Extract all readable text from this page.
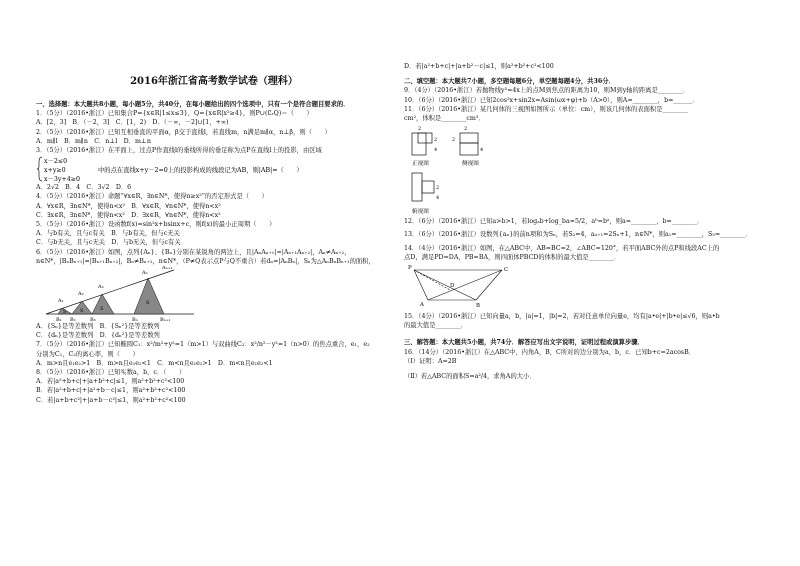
2016年浙江省高考数学试卷（理科）
一、选择题：本大题共8小题，每小题5分，共40分，在每小题给出的四个选项中，只有一个是符合题目要求的．
1．（5分）（2016•浙江）已知集合P={x∈R|1≤x≤3}，Q={x∈R|x²≥4}，则P∪(∁ᵣQ)＝（　　）
A．[2，3]　B．（－2，3]　C．[1，2)　D．（－∞，－2]∪[1，+∞)
2．（5分）（2016•浙江）已知互相垂直的平面α，β交于直线l，若直线m，n满足m∥α，n⊥β，则（　　）
A．m∥l　B．m∥n　C．n⊥l　D．m⊥n
3．（5分）（2016•浙江）在平面上，过点P作直线l的垂线所得的垂足称为点P在直线l上的投影，由区域
x－2≤0
x+y≥0
x－3y+4≥0
中的点在直线x+y－2=0上的投影构成的线段记为AB，则|AB|=（　　）
A．2√2　B．4　C．3√2　D．6
4．（5分）（2016•浙江）命题“∀x∈R，∃n∈N*，使得n≥x²”的否定形式是（　　）
A．∀x∈R，∃n∈N*，使得n<x²　B．∀x∈R，∀n∈N*，使得n<x²
C．∃x∈R，∃n∈N*，使得n<x²　D．∃x∈R，∀n∈N*，使得n<x²
5．（5分）（2016•浙江）设函数f(x)=sin²x+bsinx+c，则f(x)的最小正周期（　　）
A．与b有关，且与c有关　B．与b有关，但与c无关
C．与b无关，且与c无关　D．与b无关，但与c有关
6．（5分）（2016•浙江）如图，点列{Aₙ}、{Bₙ}分别在某锐角的两边上，且|AₙAₙ₊₁|=|Aₙ₊₁Aₙ₊₂|，Aₙ≠Aₙ₊₂，
n∈N*，|BₙBₙ₊₁|=|Bₙ₊₁Bₙ₊₂|，Bₙ≠Bₙ₊₂，n∈N*，（P≠Q表示点P与Q不重合）若dₙ=|AₙBₙ|，Sₙ为△AₙBₙBₙ₊₁的面积，
A₁
A₂
A₃
Aₙ
Aₙ₊₁
B₁ B₂	B₃	Bₙ	Bₙ₊₁
S	S	S
S
A．{Sₙ}是等差数列　B．{Sₙ²}是等差数列
C．{dₙ}是等差数列　D．{dₙ²}是等差数列
7．（5分）（2016•浙江）已知椭圆C₁：x²/m²+y²=1（m>1）与双曲线C₂：x²/n²－y²=1（n>0）的焦点重合，e₁，e₂
分别为C₁，C₂的离心率，则（　　）
A．m>n且e₁e₂>1　B．m>n且e₁e₂<1　C．m<n且e₁e₂>1　D．m<n且e₁e₂<1
8．（5分）（2016•浙江）已知实数a，b，c．（　　）
A．若|a²+b+c|+|a+b²+c|≤1，则a²+b²+c²<100
B．若|a²+b+c|+|a²+b－c|≤1，则a²+b²+c²<100
C．若|a+b+c²|+|a+b－c²|≤1，则a²+b²+c²<100
D．若|a²+b+c|+|a+b²－c|≤1，则a²+b²+c²<100
二、填空题：本大题共7小题，多空题每题6分，单空题每题4分，共36分．
9．（4分）（2016•浙江）若抛物线y²=4x上的点M到焦点的距离为10，则M到y轴的距离是________．
10．（6分）（2016•浙江）已知2cos²x+sin2x=Asin(ωx+φ)+b（A>0），则A=________，b=______．
11．（6分）（2016•浙江）某几何体的三视图如图所示（单位：cm），则该几何体的表面积是________
cm²，体积是________cm³．
2
2
4
正视图
2
2
4
侧视图
2
4
俯视图
12．（6分）（2016•浙江）已知a>b>1，若logₐb+log_ba=5/2，aᵇ=bᵃ，则a=________，b=________．
13．（6分）（2016•浙江）设数列{aₙ}的前n项和为Sₙ，若S₂=4，aₙ₊₁=2Sₙ+1，n∈N*，则a₁=________，S₅=________．
14．（4分）（2016•浙江）如图，在△ABC中，AB=BC=2，∠ABC=120°，若平面ABC外的点P和线段AC上的
点D，满足PD=DA，PB=BA，则四面体PBCD的体积的最大值是________．
A	B
C
D
P
15．（4分）（2016•浙江）已知向量a，b，|a|=1，|b|=2，若对任意单位向量e，均有|a•e|+|b•e|≤√6，则a•b
的最大值是________．
三、解答题：本大题共5小题，共74分．解答应写出文字说明，证明过程或演算步骤．
16．（14分）（2016•浙江）在△ABC中，内角A，B，C所对的边分别为a，b，c．已知b+c=2acosB．
（Ⅰ）证明：A=2B
（Ⅱ）若△ABC的面积S=a²/4，求角A的大小．
